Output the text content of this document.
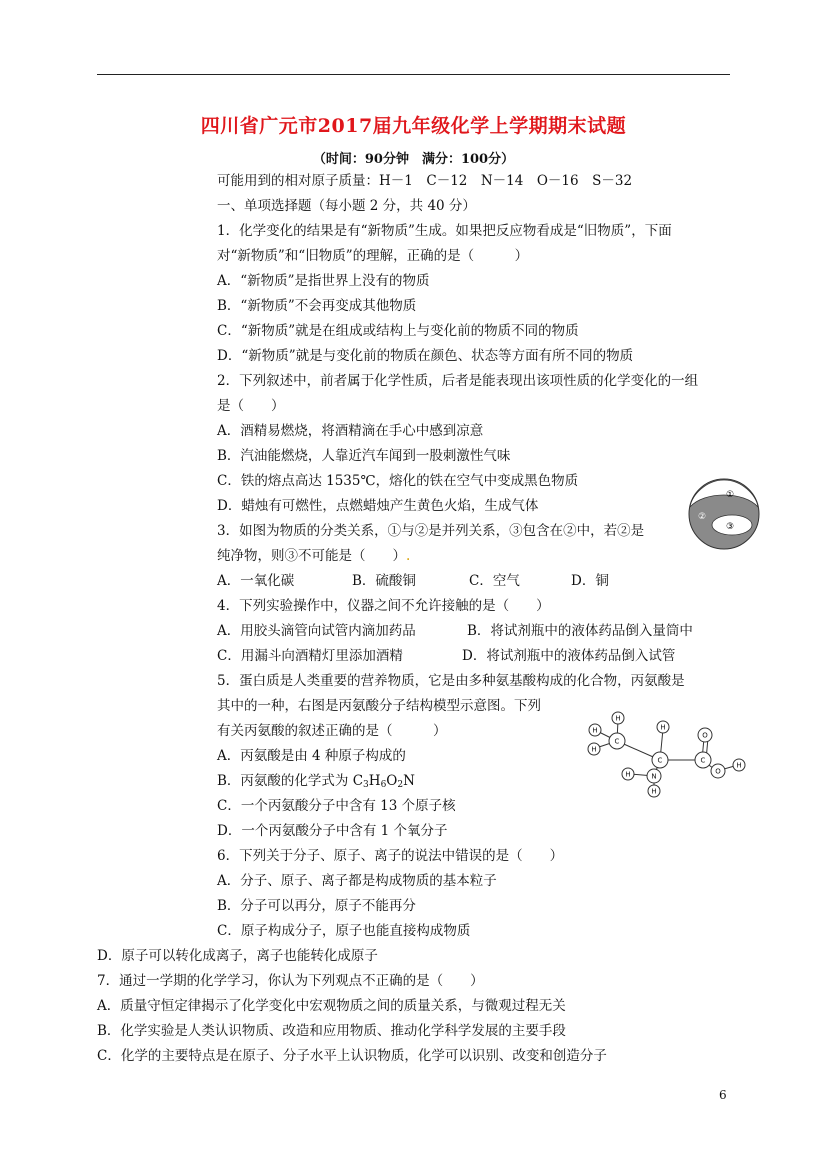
四川省广元市2017届九年级化学上学期期末试题
（时间：90分钟　满分：100分）
可能用到的相对原子质量：H－1　C－12　N－14　O－16　S－32
一、单项选择题（每小题 2 分，共 40 分）
1．化学变化的结果是有“新物质”生成。如果把反应物看成是“旧物质”，下面
对“新物质”和“旧物质”的理解，正确的是（　　　）
A．“新物质”是指世界上没有的物质
B．“新物质”不会再变成其他物质
C．“新物质”就是在组成或结构上与变化前的物质不同的物质
D．“新物质”就是与变化前的物质在颜色、状态等方面有所不同的物质
2．下列叙述中，前者属于化学性质，后者是能表现出该项性质的化学变化的一组
是（　　）
A．酒精易燃烧，将酒精滴在手心中感到凉意
B．汽油能燃烧，人靠近汽车闻到一股刺激性气味
C．铁的熔点高达 1535℃，熔化的铁在空气中变成黑色物质
D．蜡烛有可燃性，点燃蜡烛产生黄色火焰，生成气体
①
②
③
3．如图为物质的分类关系，①与②是并列关系，③包含在②中，若②是
纯净物，则③不可能是（　　）.
A．一氧化碳	B．硫酸铜	C．空气	D．铜
4．下列实验操作中，仪器之间不允许接触的是（　　）
A．用胶头滴管向试管内滴加药品	B．将试剂瓶中的液体药品倒入量筒中
C．用漏斗向酒精灯里添加酒精	D．将试剂瓶中的液体药品倒入试管
5．蛋白质是人类重要的营养物质，它是由多种氨基酸构成的化合物，丙氨酸是
其中的一种，右图是丙氨酸分子结构模型示意图。下列
有关丙氨酸的叙述正确的是（　　　）
A．丙氨酸是由 4 种原子构成的
B．丙氨酸的化学式为 $C_3H_6O_2N$
C．一个丙氨酸分子中含有 13 个原子核
D．一个丙氨酸分子中含有 1 个氧分子
H
H
H
C
H
C
N
H
H
O
C
O
H
6．下列关于分子、原子、离子的说法中错误的是（　　）
A．分子、原子、离子都是构成物质的基本粒子
B．分子可以再分，原子不能再分
C．原子构成分子，原子也能直接构成物质
D．原子可以转化成离子，离子也能转化成原子
7．通过一学期的化学学习，你认为下列观点不正确的是（　　）
A．质量守恒定律揭示了化学变化中宏观物质之间的质量关系，与微观过程无关
B．化学实验是人类认识物质、改造和应用物质、推动化学科学发展的主要手段
C．化学的主要特点是在原子、分子水平上认识物质，化学可以识别、改变和创造分子
6
